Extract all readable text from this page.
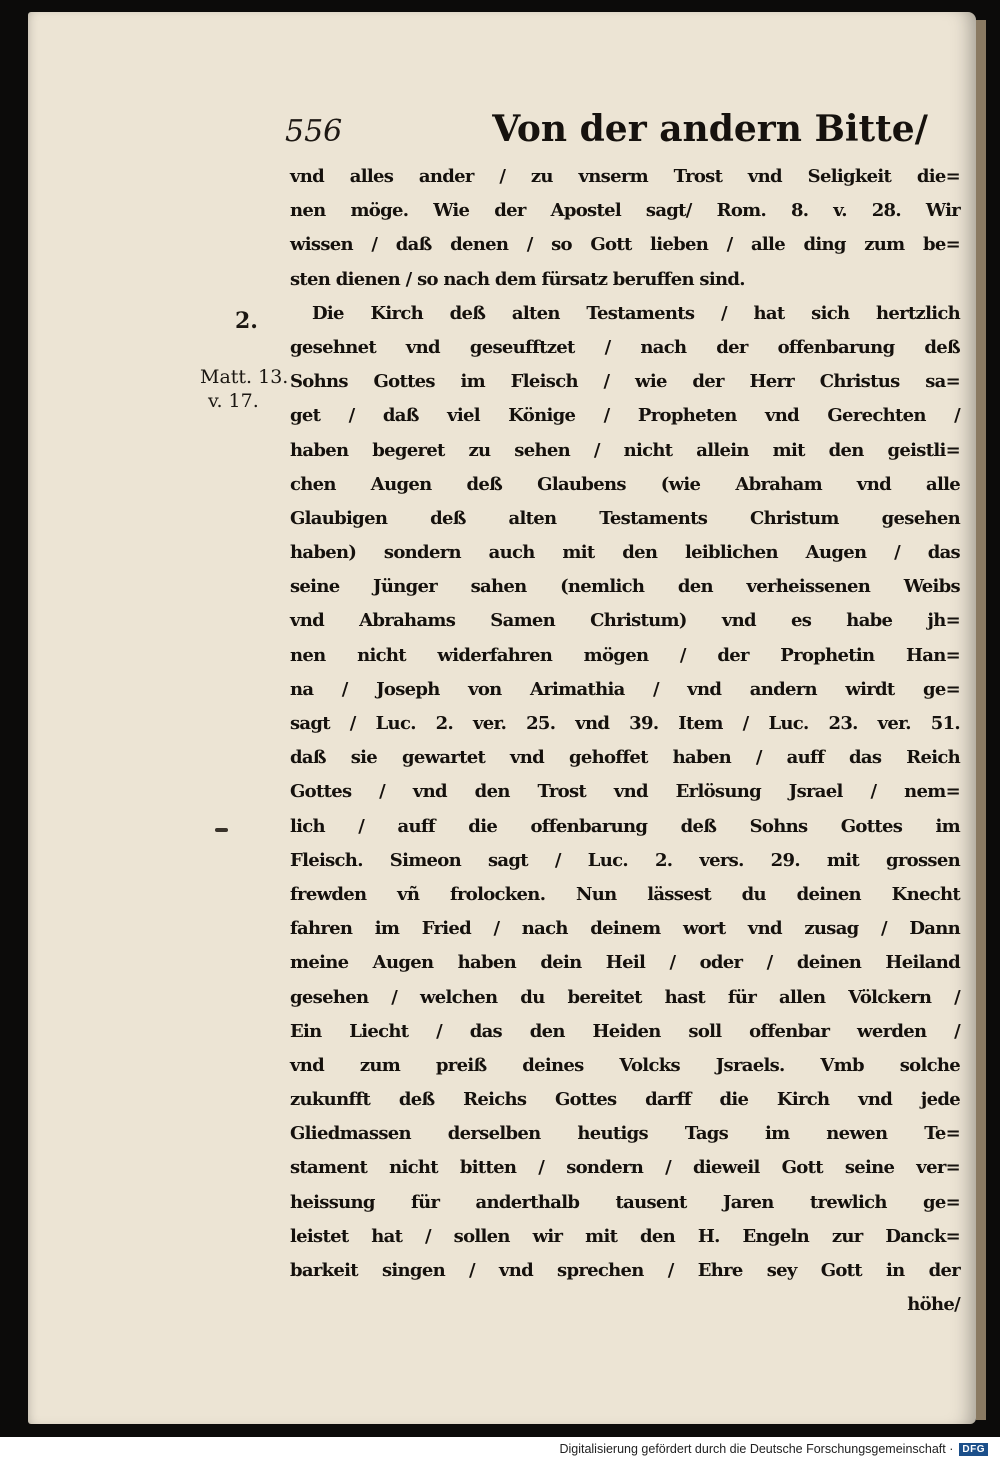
556	Von der andern Bitte/
2.
Matt. 13.
v. 17.
vnd alles ander / zu vnserm Trost vnd Seligkeit die=
nen möge. Wie der Apostel sagt/ Rom. 8. v. 28. Wir
wissen / daß denen / so Gott lieben / alle ding zum be=
sten dienen / so nach dem fürsatz beruffen sind.
Die Kirch deß alten Testaments / hat sich hertzlich
gesehnet vnd geseufftzet / nach der offenbarung deß
Sohns Gottes im Fleisch / wie der Herr Christus sa=
get / daß viel Könige / Propheten vnd Gerechten /
haben begeret zu sehen / nicht allein mit den geistli=
chen Augen deß Glaubens (wie Abraham vnd alle
Glaubigen deß alten Testaments Christum gesehen
haben) sondern auch mit den leiblichen Augen / das
seine Jünger sahen (nemlich den verheissenen Weibs
vnd Abrahams Samen Christum) vnd es habe jh=
nen nicht widerfahren mögen / der Prophetin Han=
na / Joseph von Arimathia / vnd andern wirdt ge=
sagt / Luc. 2. ver. 25. vnd 39. Item / Luc. 23. ver. 51.
daß sie gewartet vnd gehoffet haben / auff das Reich
Gottes / vnd den Trost vnd Erlösung Jsrael / nem=
lich / auff die offenbarung deß Sohns Gottes im
Fleisch. Simeon sagt / Luc. 2. vers. 29. mit grossen
frewden vñ frolocken. Nun lässest du deinen Knecht
fahren im Fried / nach deinem wort vnd zusag / Dann
meine Augen haben dein Heil / oder / deinen Heiland
gesehen / welchen du bereitet hast für allen Völckern /
Ein Liecht / das den Heiden soll offenbar werden /
vnd zum preiß deines Volcks Jsraels. Vmb solche
zukunfft deß Reichs Gottes darff die Kirch vnd jede
Gliedmassen derselben heutigs Tags im newen Te=
stament nicht bitten / sondern / dieweil Gott seine ver=
heissung für anderthalb tausent Jaren trewlich ge=
leistet hat / sollen wir mit den H. Engeln zur Danck=
barkeit singen / vnd sprechen / Ehre sey Gott in der
höhe/
Digitalisierung gefördert durch die Deutsche Forschungsgemeinschaft · DFG
